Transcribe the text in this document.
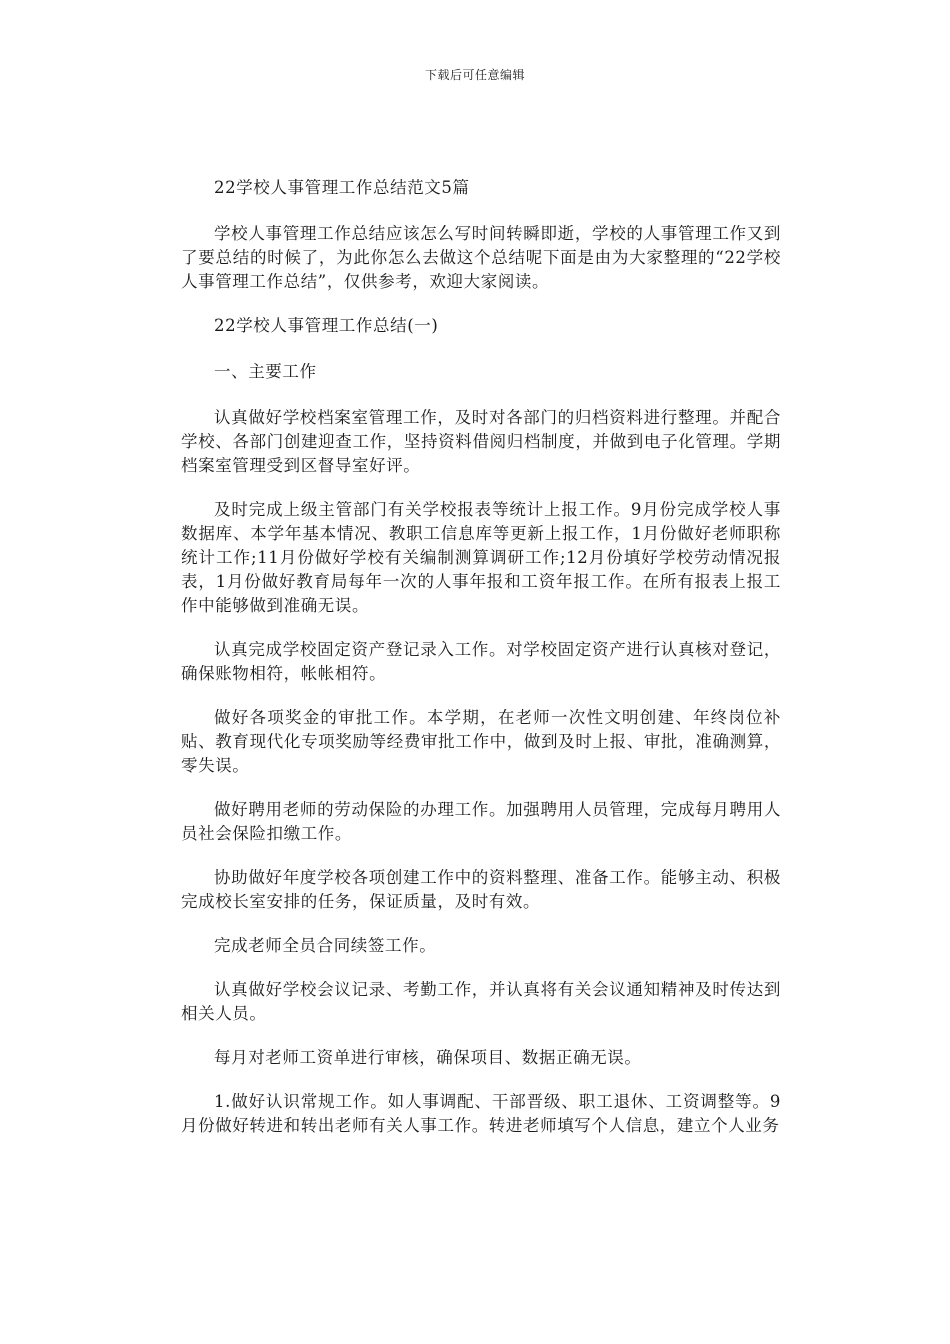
下载后可任意编辑

22学校人事管理工作总结范文5篇

学校人事管理工作总结应该怎么写时间转瞬即逝，学校的人事管理工作又到了要总结的时候了，为此你怎么去做这个总结呢下面是由为大家整理的“22学校人事管理工作总结”，仅供参考，欢迎大家阅读。

22学校人事管理工作总结(一)

一、主要工作

认真做好学校档案室管理工作，及时对各部门的归档资料进行整理。并配合学校、各部门创建迎查工作，坚持资料借阅归档制度，并做到电子化管理。学期档案室管理受到区督导室好评。

及时完成上级主管部门有关学校报表等统计上报工作。9月份完成学校人事数据库、本学年基本情况、教职工信息库等更新上报工作，1月份做好老师职称统计工作;11月份做好学校有关编制测算调研工作;12月份填好学校劳动情况报表，1月份做好教育局每年一次的人事年报和工资年报工作。在所有报表上报工作中能够做到准确无误。

认真完成学校固定资产登记录入工作。对学校固定资产进行认真核对登记，确保账物相符，帐帐相符。

做好各项奖金的审批工作。本学期，在老师一次性文明创建、年终岗位补贴、教育现代化专项奖励等经费审批工作中，做到及时上报、审批，准确测算，零失误。

做好聘用老师的劳动保险的办理工作。加强聘用人员管理，完成每月聘用人员社会保险扣缴工作。

协助做好年度学校各项创建工作中的资料整理、准备工作。能够主动、积极完成校长室安排的任务，保证质量，及时有效。

完成老师全员合同续签工作。

认真做好学校会议记录、考勤工作，并认真将有关会议通知精神及时传达到相关人员。

每月对老师工资单进行审核，确保项目、数据正确无误。

1.做好认识常规工作。如人事调配、干部晋级、职工退休、工资调整等。9月份做好转进和转出老师有关人事工作。转进老师填写个人信息，建立个人业务
